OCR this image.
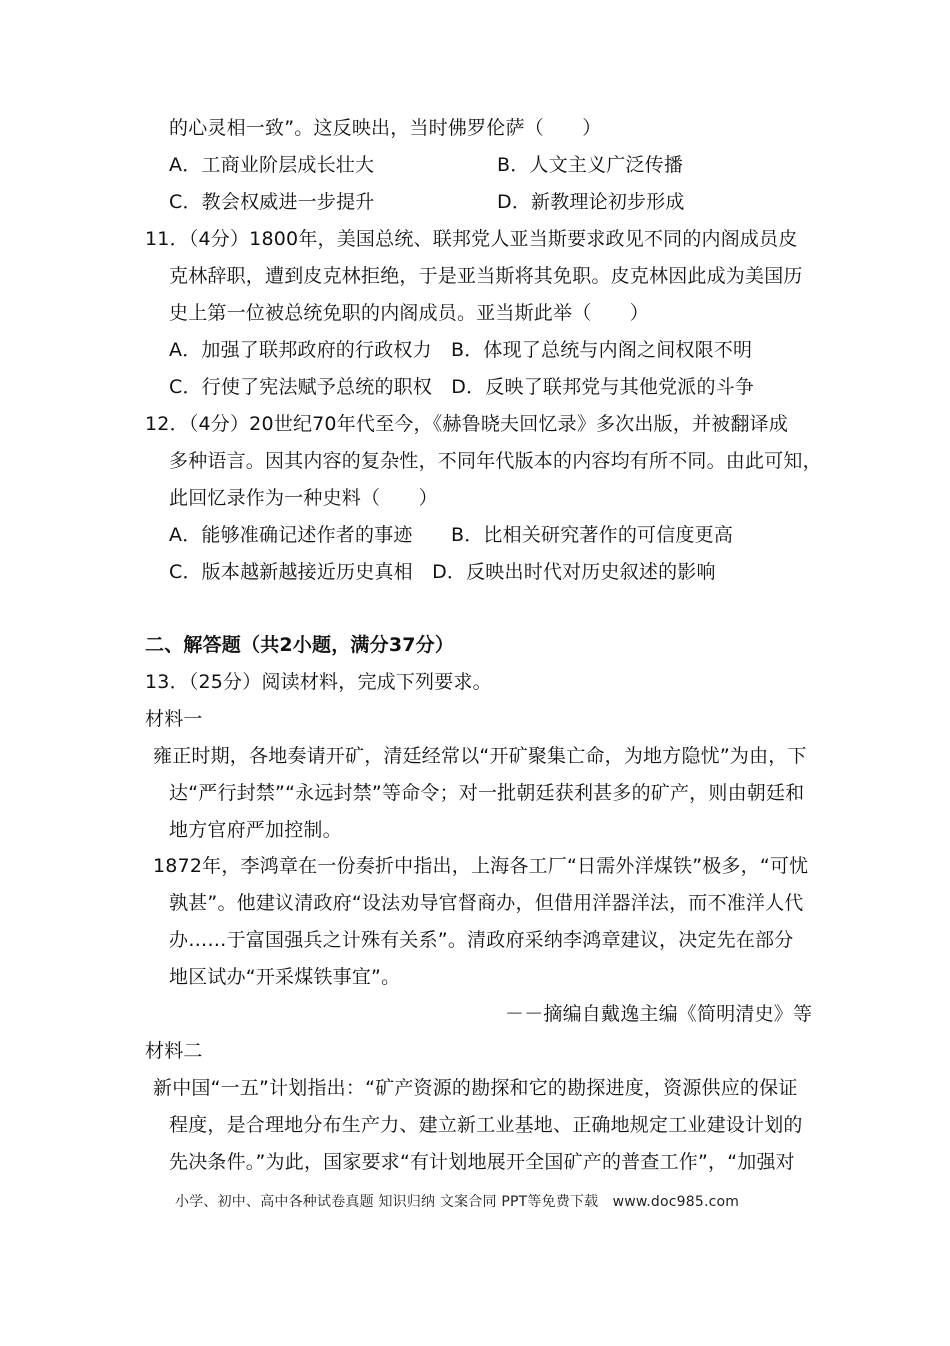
的心灵相一致”。这反映出，当时佛罗伦萨（　　）
A．工商业阶层成长壮大	B．人文主义广泛传播
C．教会权威进一步提升	D．新教理论初步形成
11．（4分）1800年，美国总统、联邦党人亚当斯要求政见不同的内阁成员皮
克林辞职，遭到皮克林拒绝，于是亚当斯将其免职。皮克林因此成为美国历
史上第一位被总统免职的内阁成员。亚当斯此举（　　）
A．加强了联邦政府的行政权力　B．体现了总统与内阁之间权限不明
C．行使了宪法赋予总统的职权　D．反映了联邦党与其他党派的斗争
12．（4分）20世纪70年代至今，《赫鲁晓夫回忆录》多次出版，并被翻译成
多种语言。因其内容的复杂性，不同年代版本的内容均有所不同。由此可知，
此回忆录作为一种史料（　　）
A．能够准确记述作者的事迹　　B．比相关研究著作的可信度更高
C．版本越新越接近历史真相　D．反映出时代对历史叙述的影响
二、解答题（共2小题，满分37分）
13．（25分）阅读材料，完成下列要求。
材料一
雍正时期，各地奏请开矿，清廷经常以“开矿聚集亡命，为地方隐忧”为由，下
达“严行封禁”“永远封禁”等命令；对一批朝廷获利甚多的矿产，则由朝廷和
地方官府严加控制。
1872年，李鸿章在一份奏折中指出，上海各工厂“日需外洋煤铁”极多，“可忧
孰甚”。他建议清政府“设法劝导官督商办，但借用洋器洋法，而不准洋人代
办……于富国强兵之计殊有关系”。清政府采纳李鸿章建议，决定先在部分
地区试办“开采煤铁事宜”。
－－摘编自戴逸主编《简明清史》等
材料二
新中国“一五”计划指出：“矿产资源的勘探和它的勘探进度，资源供应的保证
程度，是合理地分布生产力、建立新工业基地、正确地规定工业建设计划的
先决条件。”为此，国家要求“有计划地展开全国矿产的普查工作”，“加强对
小学、初中、高中各种试卷真题 知识归纳 文案合同 PPT等免费下载　www.doc985.com
